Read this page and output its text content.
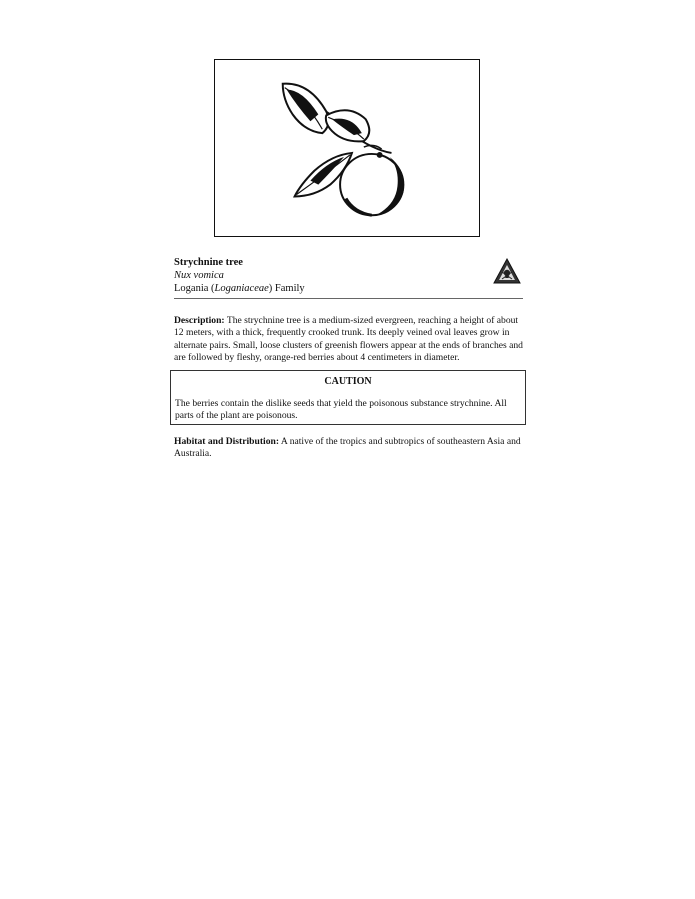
Strychnine tree
Nux vomica
Logania (Loganiaceae) Family

Description: The strychnine tree is a medium-sized evergreen, reaching a height of about 12 meters, with a thick, frequently crooked trunk. Its deeply veined oval leaves grow in alternate pairs. Small, loose clusters of greenish flowers appear at the ends of branches and are followed by fleshy, orange-red berries about 4 centimeters in diameter.

CAUTION

The berries contain the dislike seeds that yield the poisonous substance strychnine. All parts of the plant are poisonous.

Habitat and Distribution: A native of the tropics and subtropics of southeastern Asia and Australia.
